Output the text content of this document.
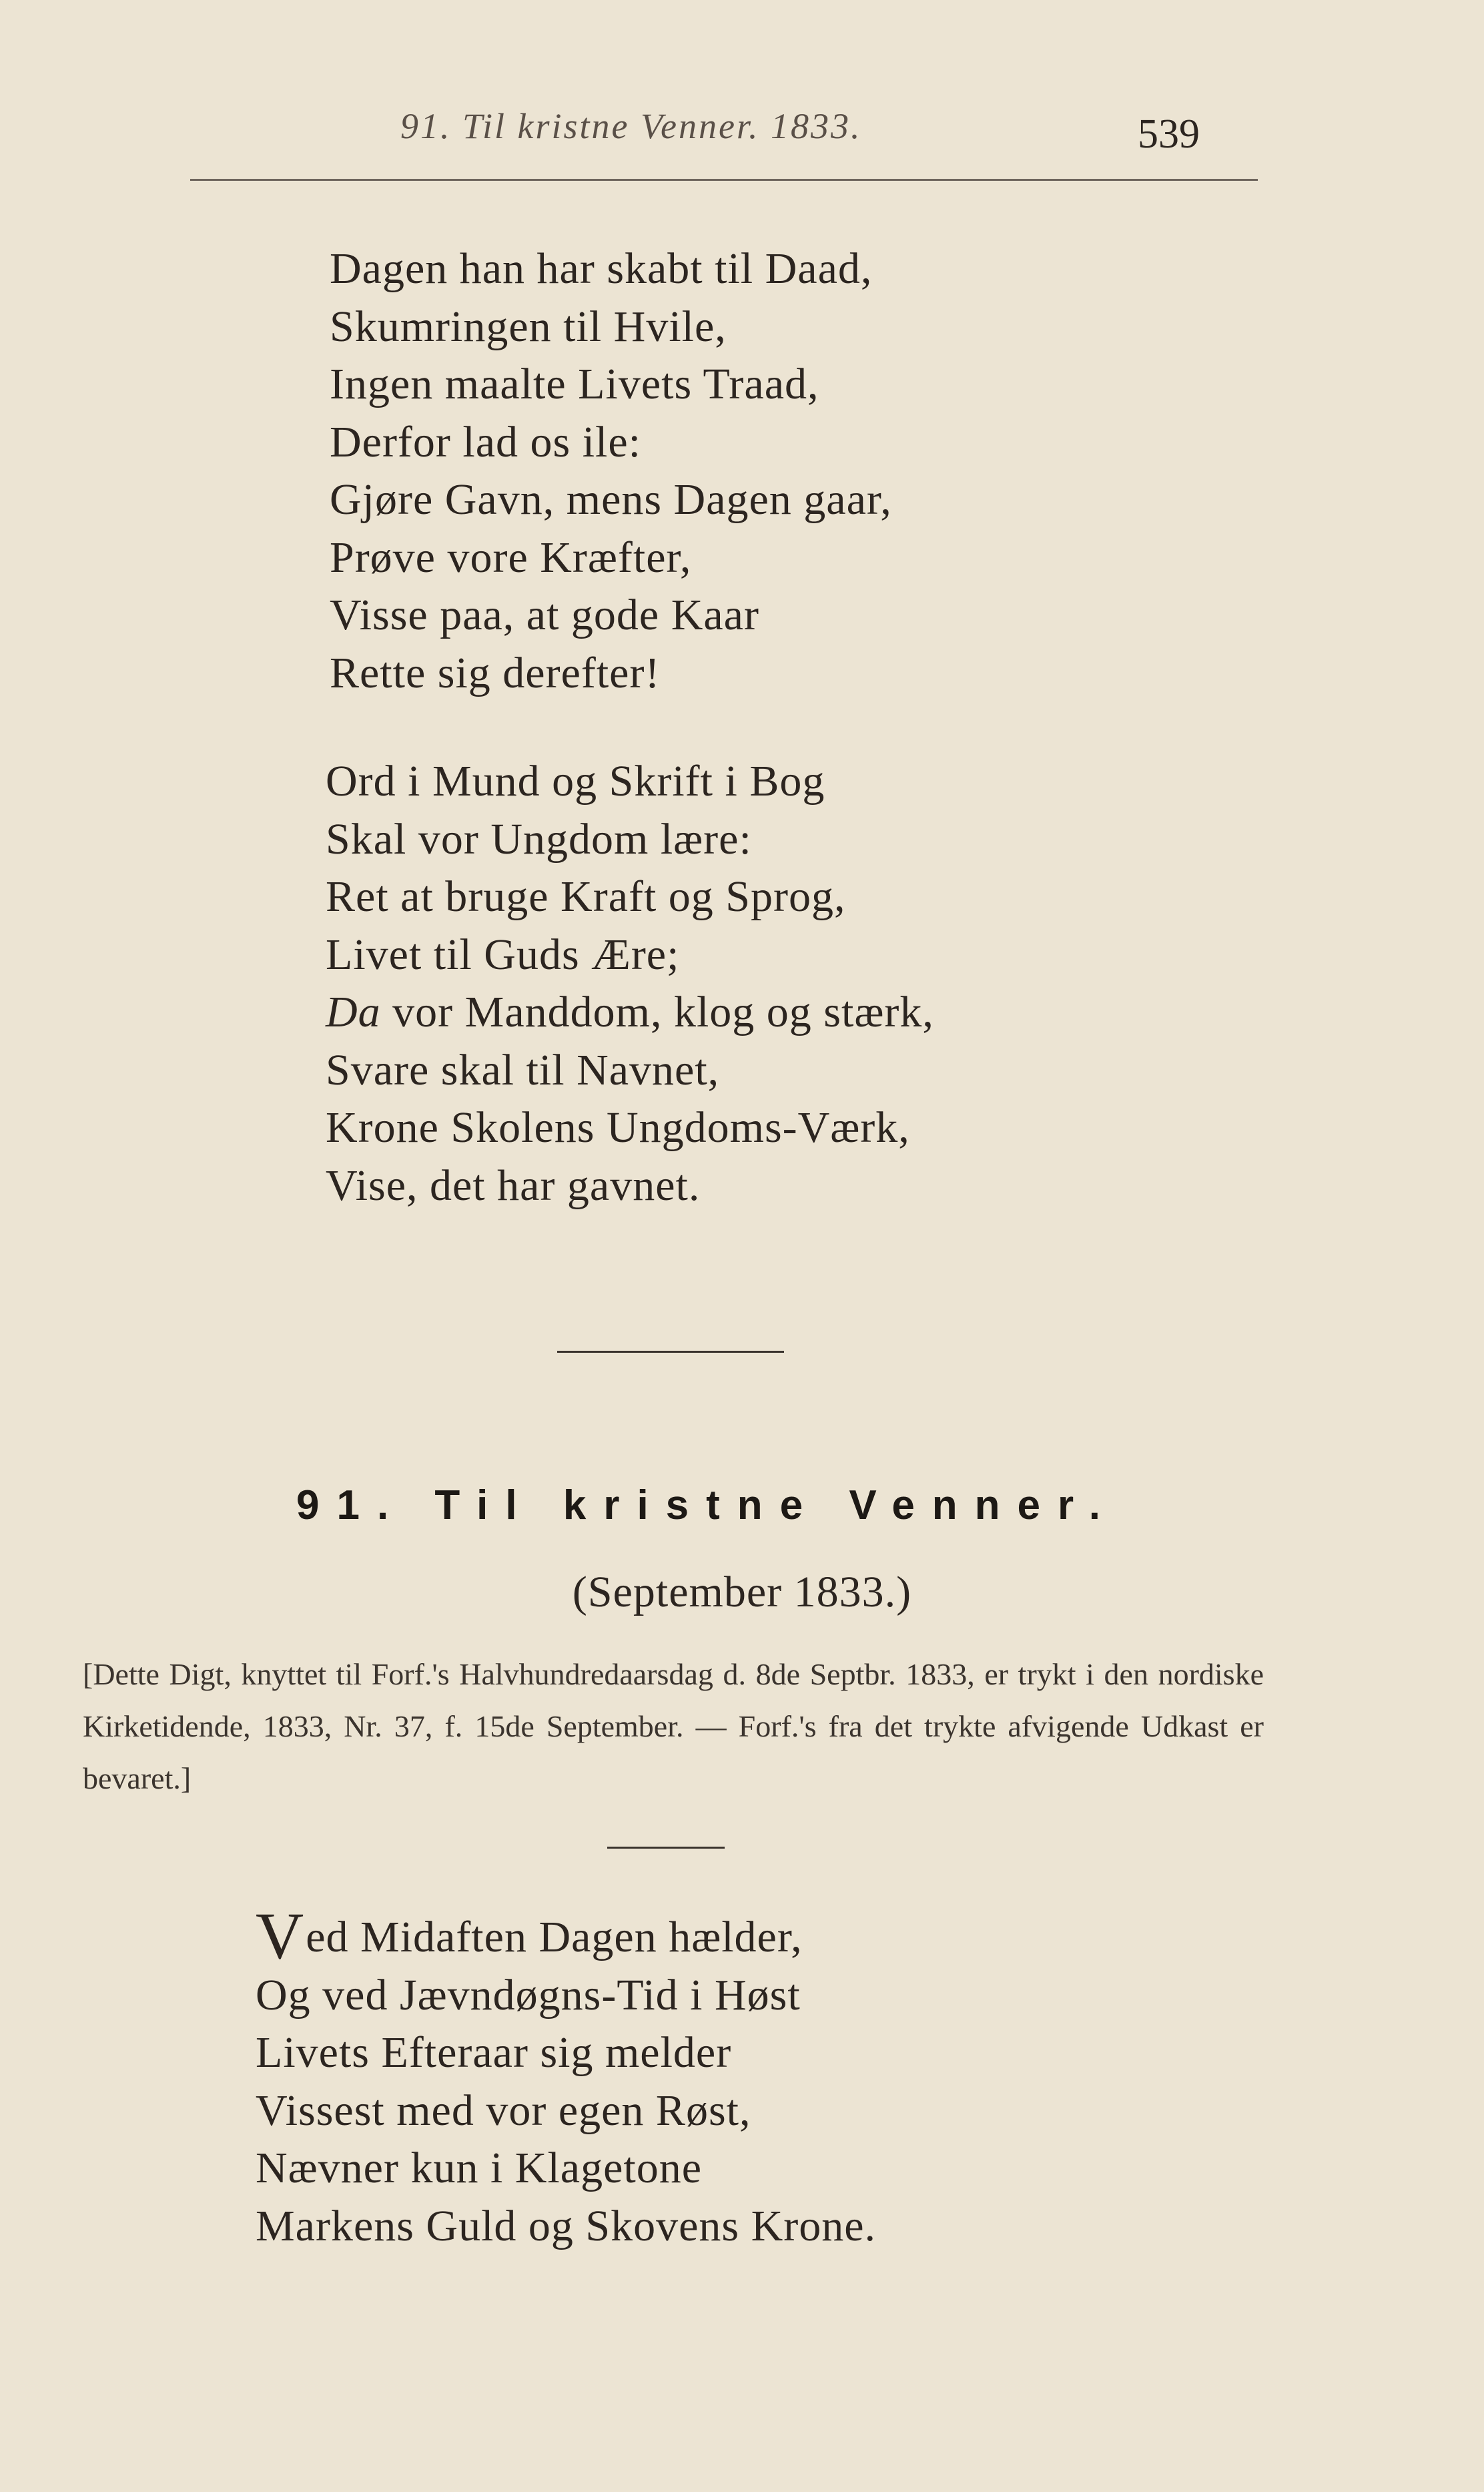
91. Til kristne Venner. 1833.	539
Dagen han har skabt til Daad,
Skumringen til Hvile,
Ingen maalte Livets Traad,
Derfor lad os ile:
Gjøre Gavn, mens Dagen gaar,
Prøve vore Kræfter,
Visse paa, at gode Kaar
Rette sig derefter!
Ord i Mund og Skrift i Bog
Skal vor Ungdom lære:
Ret at bruge Kraft og Sprog,
Livet til Guds Ære;
Da vor Manddom, klog og stærk,
Svare skal til Navnet,
Krone Skolens Ungdoms-Værk,
Vise, det har gavnet.
91. Til kristne Venner.
(September 1833.)
[Dette Digt, knyttet til Forf.'s Halvhundredaarsdag d. 8de Septbr. 1833, er trykt i den nordiske Kirketidende, 1833, Nr. 37, f. 15de September. — Forf.'s fra det trykte afvigende Udkast er bevaret.]
Ved Midaften Dagen hælder,
Og ved Jævndøgns-Tid i Høst
Livets Efteraar sig melder
Vissest med vor egen Røst,
Nævner kun i Klagetone
Markens Guld og Skovens Krone.
